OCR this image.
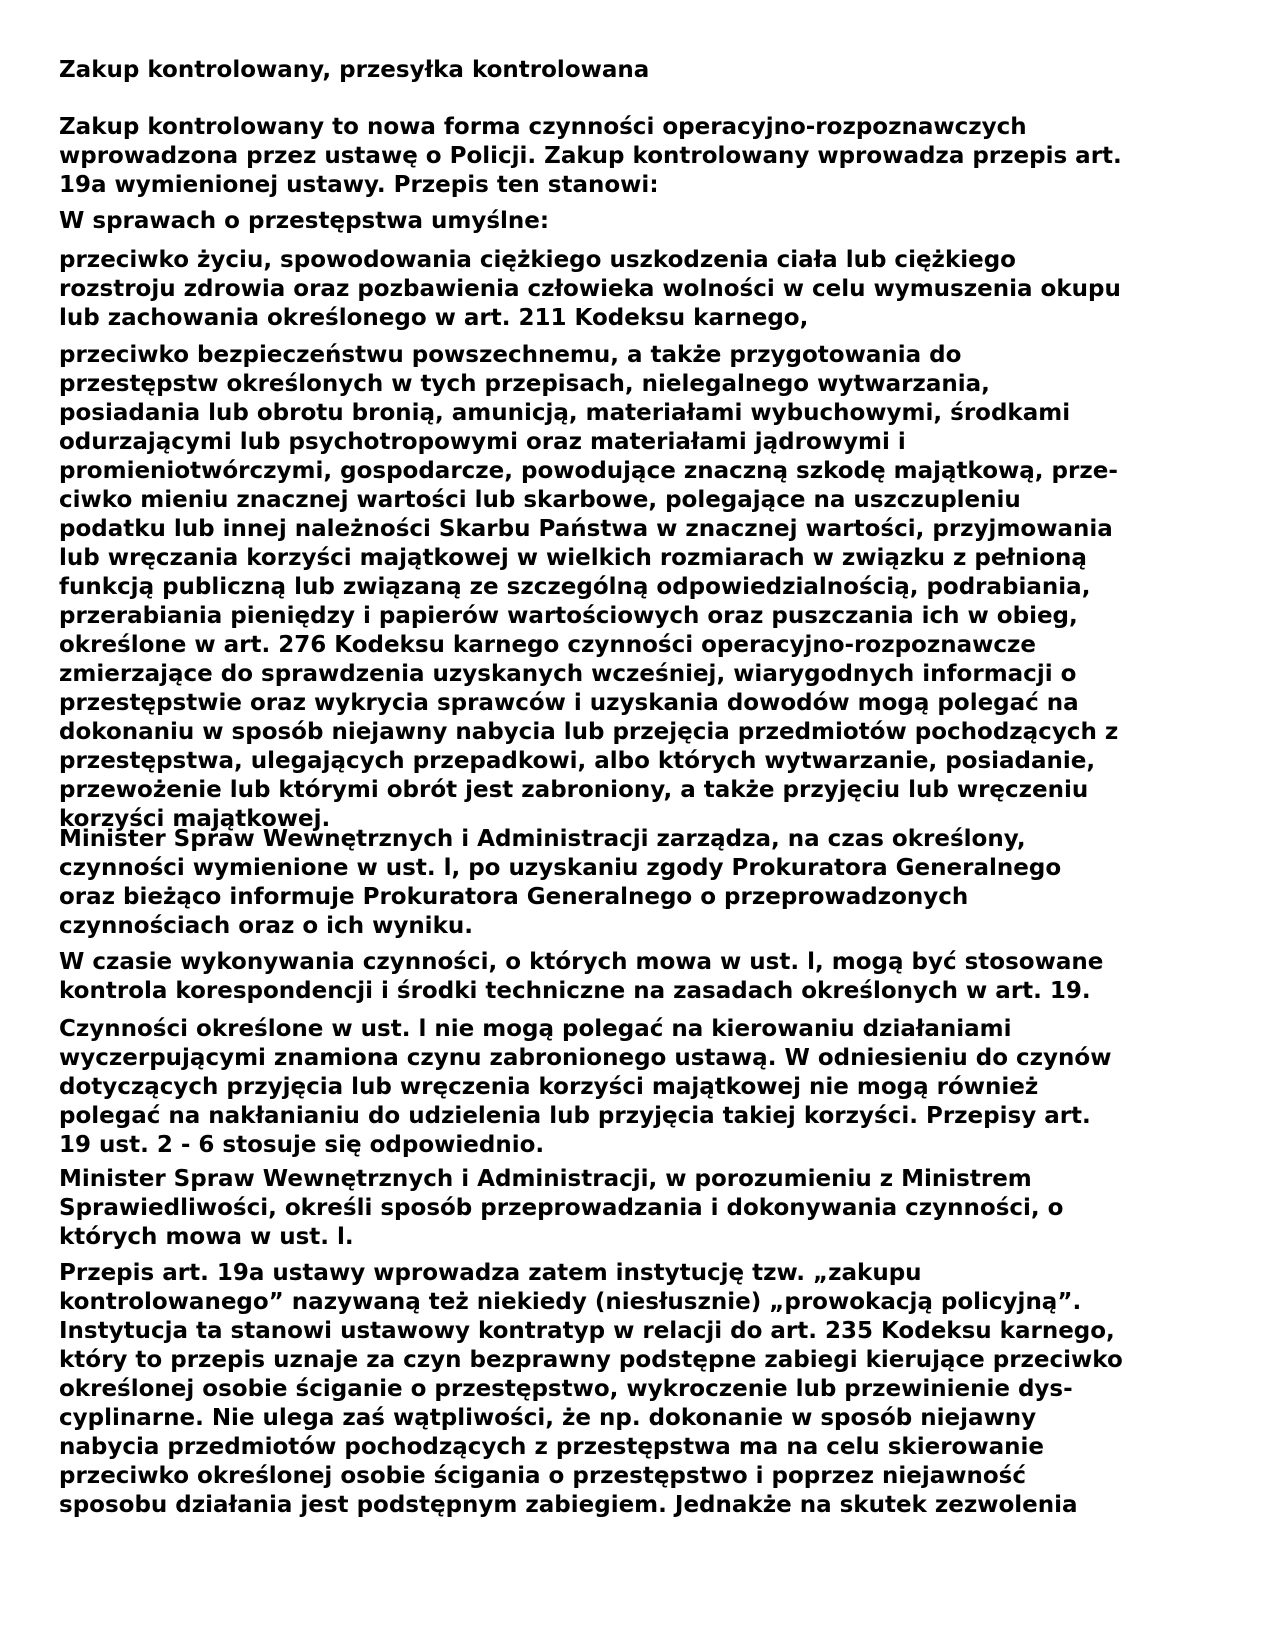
Zakup kontrolowany, przesyłka kontrolowana

Zakup kontrolowany to nowa forma czynności operacyjno-rozpoznawczych
wprowadzona przez ustawę o Policji. Zakup kontrolowany wprowadza przepis art.
19a wymienionej ustawy. Przepis ten stanowi:

W sprawach o przestępstwa umyślne:

przeciwko życiu, spowodowania ciężkiego uszkodzenia ciała lub ciężkiego
rozstroju zdrowia oraz pozbawienia człowieka wolności w celu wymuszenia okupu
lub zachowania określonego w art. 211 Kodeksu karnego,

przeciwko bezpieczeństwu powszechnemu, a także przygotowania do
przestępstw określonych w tych przepisach, nielegalnego wytwarzania,
posiadania lub obrotu bronią, amunicją, materiałami wybuchowymi, środkami
odurzającymi lub psychotropowymi oraz materiałami jądrowymi i
promieniotwórczymi, gospodarcze, powodujące znaczną szkodę majątkową, prze-
ciwko mieniu znacznej wartości lub skarbowe, polegające na uszczupleniu
podatku lub innej należności Skarbu Państwa w znacznej wartości, przyjmowania
lub wręczania korzyści majątkowej w wielkich rozmiarach w związku z pełnioną
funkcją publiczną lub związaną ze szczególną odpowiedzialnością, podrabiania,
przerabiania pieniędzy i papierów wartościowych oraz puszczania ich w obieg,
określone w art. 276 Kodeksu karnego czynności operacyjno-rozpoznawcze
zmierzające do sprawdzenia uzyskanych wcześniej, wiarygodnych informacji o
przestępstwie oraz wykrycia sprawców i uzyskania dowodów mogą polegać na
dokonaniu w sposób niejawny nabycia lub przejęcia przedmiotów pochodzących z
przestępstwa, ulegających przepadkowi, albo których wytwarzanie, posiadanie,
przewożenie lub którymi obrót jest zabroniony, a także przyjęciu lub wręczeniu
korzyści majątkowej.

Minister Spraw Wewnętrznych i Administracji zarządza, na czas określony,
czynności wymienione w ust. l, po uzyskaniu zgody Prokuratora Generalnego
oraz bieżąco informuje Prokuratora Generalnego o przeprowadzonych
czynnościach oraz o ich wyniku.

W czasie wykonywania czynności, o których mowa w ust. l, mogą być stosowane
kontrola korespondencji i środki techniczne na zasadach określonych w art. 19.

Czynności określone w ust. l nie mogą polegać na kierowaniu działaniami
wyczerpującymi znamiona czynu zabronionego ustawą. W odniesieniu do czynów
dotyczących przyjęcia lub wręczenia korzyści majątkowej nie mogą również
polegać na nakłanianiu do udzielenia lub przyjęcia takiej korzyści. Przepisy art.
19 ust. 2 - 6 stosuje się odpowiednio.

Minister Spraw Wewnętrznych i Administracji, w porozumieniu z Ministrem
Sprawiedliwości, określi sposób przeprowadzania i dokonywania czynności, o
których mowa w ust. l.

Przepis art. 19a ustawy wprowadza zatem instytucję tzw. „zakupu
kontrolowanego” nazywaną też niekiedy (niesłusznie) „prowokacją policyjną”.
Instytucja ta stanowi ustawowy kontratyp w relacji do art. 235 Kodeksu karnego,
który to przepis uznaje za czyn bezprawny podstępne zabiegi kierujące przeciwko
określonej osobie ściganie o przestępstwo, wykroczenie lub przewinienie dys-
cyplinarne. Nie ulega zaś wątpliwości, że np. dokonanie w sposób niejawny
nabycia przedmiotów pochodzących z przestępstwa ma na celu skierowanie
przeciwko określonej osobie ścigania o przestępstwo i poprzez niejawność
sposobu działania jest podstępnym zabiegiem. Jednakże na skutek zezwolenia
